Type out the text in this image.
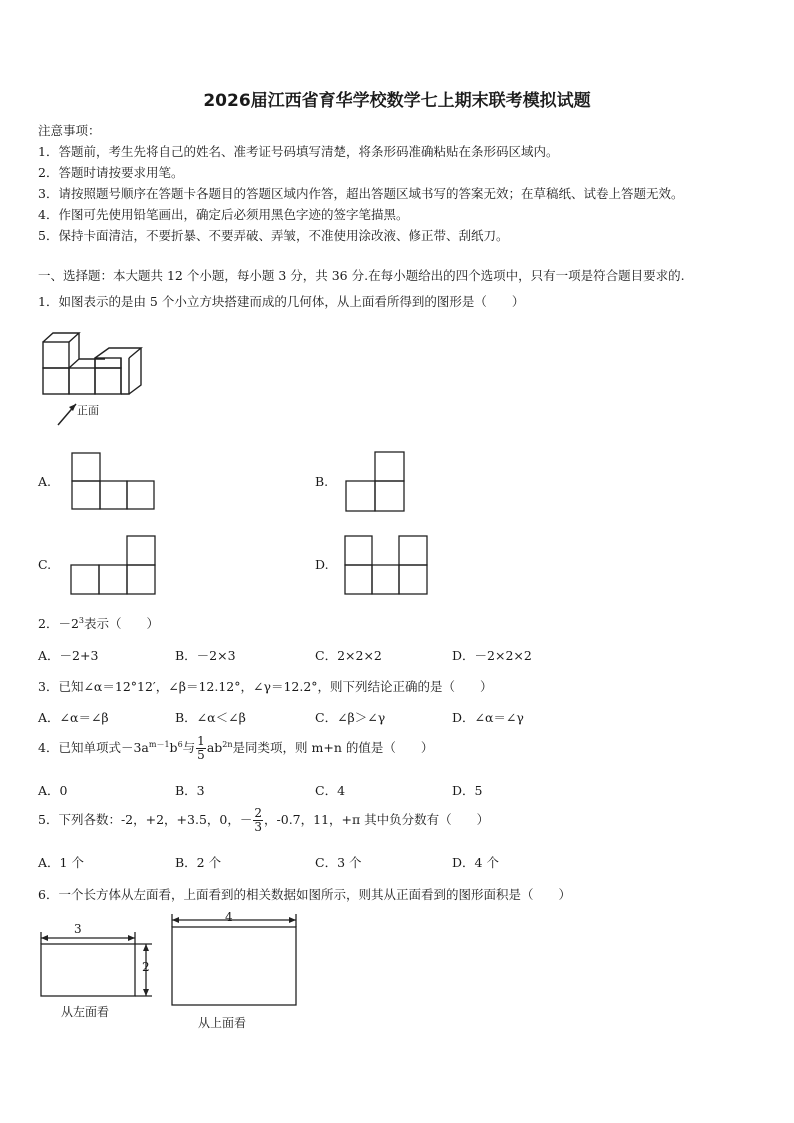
2026届江西省育华学校数学七上期末联考模拟试题
注意事项：
1．答题前，考生先将自己的姓名、准考证号码填写清楚，将条形码准确粘贴在条形码区域内。
2．答题时请按要求用笔。
3．请按照题号顺序在答题卡各题目的答题区域内作答，超出答题区域书写的答案无效；在草稿纸、试卷上答题无效。
4．作图可先使用铅笔画出，确定后必须用黑色字迹的签字笔描黑。
5．保持卡面清洁，不要折暴、不要弄破、弄皱，不准使用涂改液、修正带、刮纸刀。
一、选择题：本大题共 12 个小题，每小题 3 分，共 36 分.在每小题给出的四个选项中，只有一项是符合题目要求的.
1．如图表示的是由 5 个小立方块搭建而成的几何体，从上面看所得到的图形是（　　）
正面
A.	B.
C.	D.
2．$-2^3$表示（　　）
A．－2+3	B．－2×3	C．2×2×2	D．－2×2×2
3．已知∠α＝12°12′，∠β＝12.12°，∠γ＝12.2°，则下列结论正确的是（　　）
A．∠α＝∠β	B．∠α＜∠β	C．∠β＞∠γ	D．∠α＝∠γ
4．已知单项式$-3a^{m-1}b^6$与 $\frac{1}{5} ab^{2n}$是同类项，则 m+n 的值是（　　）
A．0	B．3	C．4	D．5
5．下列各数：-2，+2，+3.5，0，－ $\frac{2}{3}$ ，-0.7，11，+π 其中负分数有（　　）
A．1 个	B．2 个	C．3 个	D．4 个
6．一个长方体从左面看，上面看到的相关数据如图所示，则其从正面看到的图形面积是（　　）
3
2
从左面看
4
从上面看
